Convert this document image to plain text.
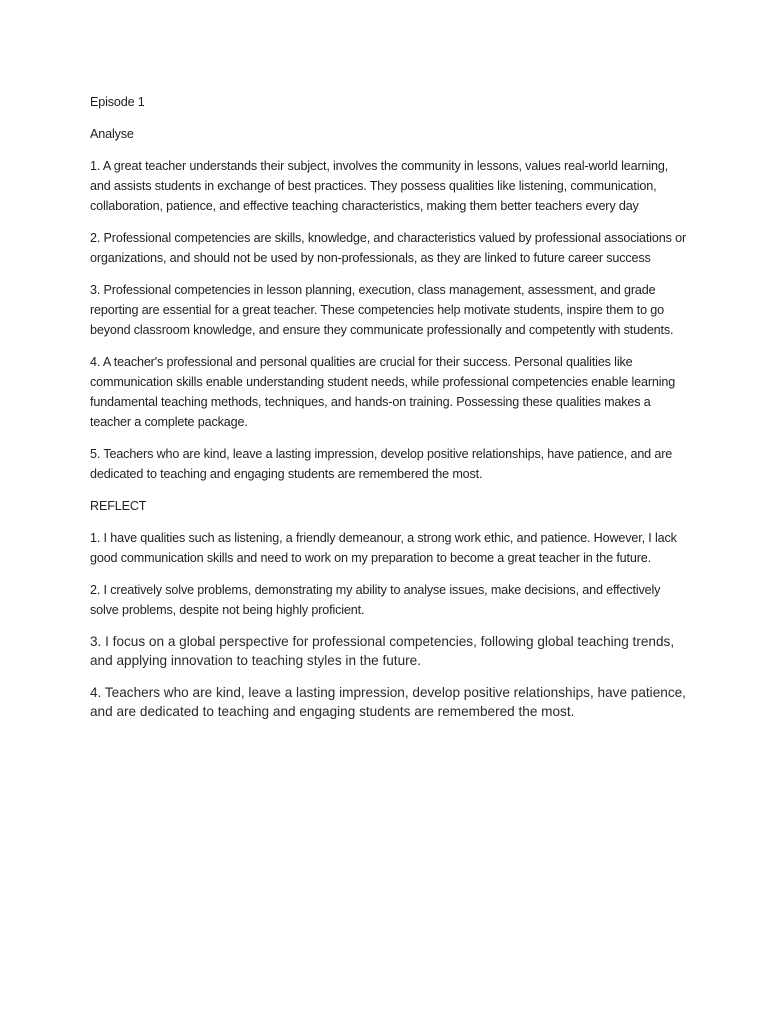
Episode 1

Analyse

1. A great teacher understands their subject, involves the community in lessons, values real-world learning, and assists students in exchange of best practices. They possess qualities like listening, communication, collaboration, patience, and effective teaching characteristics, making them better teachers every day

2. Professional competencies are skills, knowledge, and characteristics valued by professional associations or organizations, and should not be used by non-professionals, as they are linked to future career success

3. Professional competencies in lesson planning, execution, class management, assessment, and grade reporting are essential for a great teacher. These competencies help motivate students, inspire them to go beyond classroom knowledge, and ensure they communicate professionally and competently with students.

4. A teacher's professional and personal qualities are crucial for their success. Personal qualities like communication skills enable understanding student needs, while professional competencies enable learning fundamental teaching methods, techniques, and hands-on training. Possessing these qualities makes a teacher a complete package.

5. Teachers who are kind, leave a lasting impression, develop positive relationships, have patience, and are dedicated to teaching and engaging students are remembered the most.

REFLECT

1. I have qualities such as listening, a friendly demeanour, a strong work ethic, and patience. However, I lack good communication skills and need to work on my preparation to become a great teacher in the future.

2. I creatively solve problems, demonstrating my ability to analyse issues, make decisions, and effectively solve problems, despite not being highly proficient.

3. I focus on a global perspective for professional competencies, following global teaching trends, and applying innovation to teaching styles in the future.

4. Teachers who are kind, leave a lasting impression, develop positive relationships, have patience, and are dedicated to teaching and engaging students are remembered the most.
